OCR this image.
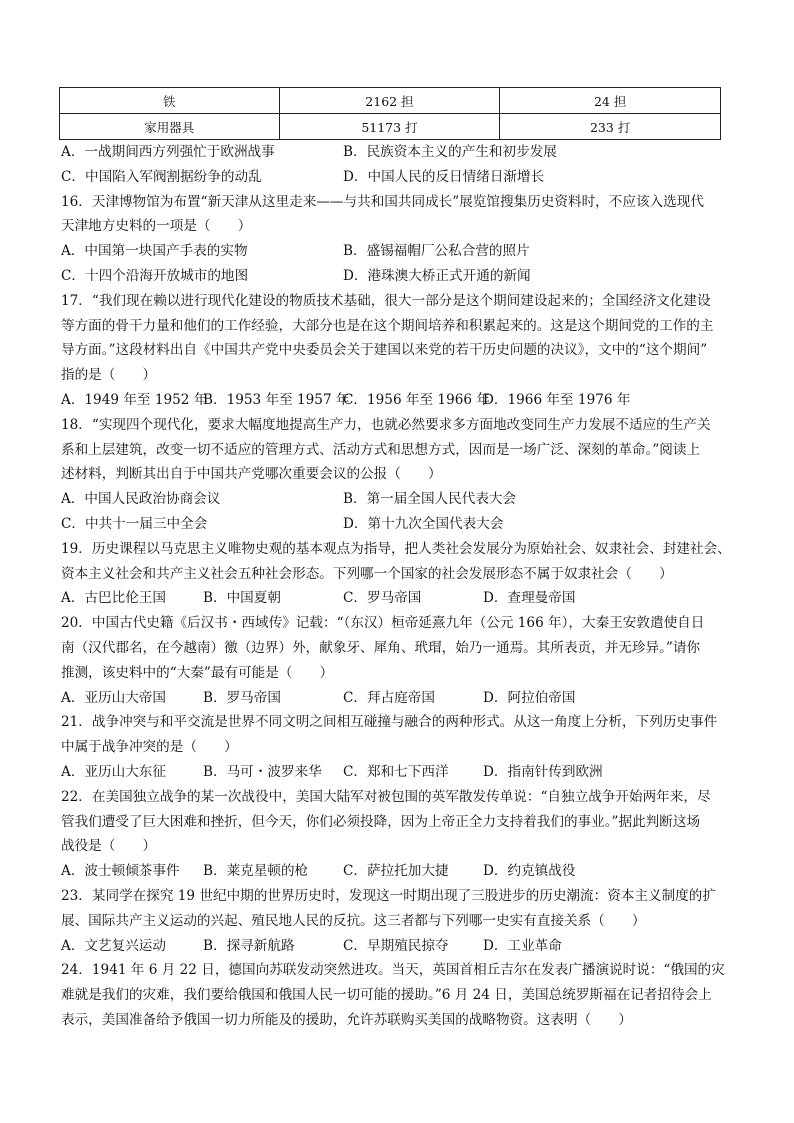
铁	2162 担	24 担
家用器具	51173 打	233 打
A．一战期间西方列强忙于欧洲战事	B．民族资本主义的产生和初步发展
C．中国陷入军阀割据纷争的动乱	D．中国人民的反日情绪日渐增长
16．天津博物馆为布置“新天津从这里走来——与共和国共同成长”展览馆搜集历史资料时，不应该入选现代
天津地方史料的一项是（　　）
A．中国第一块国产手表的实物	B．盛锡福帽厂公私合营的照片
C．十四个沿海开放城市的地图	D．港珠澳大桥正式开通的新闻
17．“我们现在赖以进行现代化建设的物质技术基础，很大一部分是这个期间建设起来的；全国经济文化建设
等方面的骨干力量和他们的工作经验，大部分也是在这个期间培养和积累起来的。这是这个期间党的工作的主
导方面。”这段材料出自《中国共产党中央委员会关于建国以来党的若干历史问题的决议》，文中的“这个期间”
指的是（　　）
A．1949 年至 1952 年
B．1953 年至 1957 年
C．1956 年至 1966 年
D．1966 年至 1976 年
18．“实现四个现代化，要求大幅度地提高生产力，也就必然要求多方面地改变同生产力发展不适应的生产关
系和上层建筑，改变一切不适应的管理方式、活动方式和思想方式，因而是一场广泛、深刻的革命。”阅读上
述材料，判断其出自于中国共产党哪次重要会议的公报（　　）
A．中国人民政治协商会议	B．第一届全国人民代表大会
C．中共十一届三中全会	D．第十九次全国代表大会
19．历史课程以马克思主义唯物史观的基本观点为指导，把人类社会发展分为原始社会、奴隶社会、封建社会、
资本主义社会和共产主义社会五种社会形态。下列哪一个国家的社会发展形态不属于奴隶社会（　　）
A．古巴比伦王国	B．中国夏朝	C．罗马帝国	D．查理曼帝国
20．中国古代史籍《后汉书・西域传》记载：“（东汉）桓帝延熹九年（公元 166 年），大秦王安敦遣使自日
南（汉代郡名，在今越南）徼（边界）外，献象牙、犀角、玳瑁，始乃一通焉。其所表贡，并无珍异。”请你
推测，该史料中的“大秦”最有可能是（　　）
A．亚历山大帝国	B．罗马帝国	C．拜占庭帝国	D．阿拉伯帝国
21．战争冲突与和平交流是世界不同文明之间相互碰撞与融合的两种形式。从这一角度上分析，下列历史事件
中属于战争冲突的是（　　）
A．亚历山大东征	B．马可・波罗来华 C．郑和七下西洋	D．指南针传到欧洲
22．在美国独立战争的某一次战役中，美国大陆军对被包围的英军散发传单说：“自独立战争开始两年来，尽
管我们遭受了巨大困难和挫折，但今天，你们必须投降，因为上帝正全力支持着我们的事业。”据此判断这场
战役是（　　）
A．波士顿倾茶事件 B．莱克星顿的枪	C．萨拉托加大捷	D．约克镇战役
23．某同学在探究 19 世纪中期的世界历史时，发现这一时期出现了三股进步的历史潮流：资本主义制度的扩
展、国际共产主义运动的兴起、殖民地人民的反抗。这三者都与下列哪一史实有直接关系（　　）
A．文艺复兴运动	B．探寻新航路	C．早期殖民掠夺	D．工业革命
24．1941 年 6 月 22 日，德国向苏联发动突然进攻。当天，英国首相丘吉尔在发表广播演说时说：“俄国的灾
难就是我们的灾难，我们要给俄国和俄国人民一切可能的援助。”6 月 24 日，美国总统罗斯福在记者招待会上
表示，美国准备给予俄国一切力所能及的援助，允许苏联购买美国的战略物资。这表明（　　）
